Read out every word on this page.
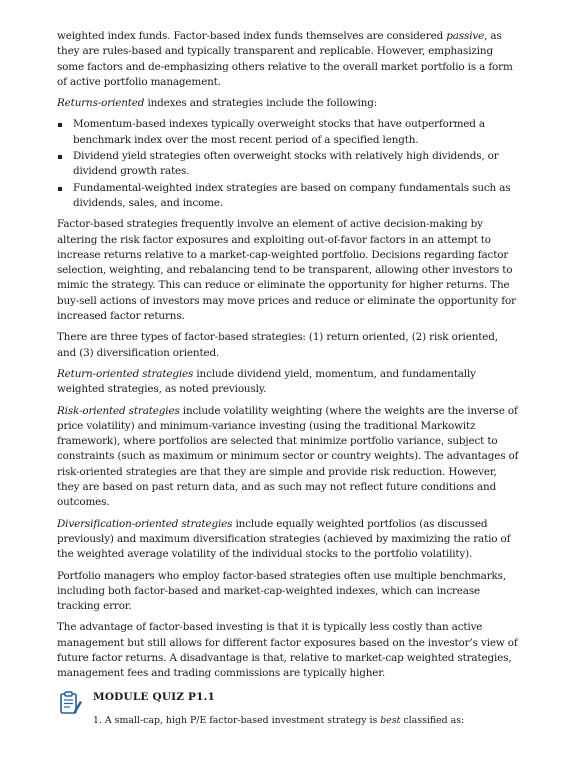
weighted index funds. Factor-based index funds themselves are considered passive, as they are rules-based and typically transparent and replicable. However, emphasizing some factors and de-emphasizing others relative to the overall market portfolio is a form of active portfolio management.

Returns-oriented indexes and strategies include the following:

Momentum-based indexes typically overweight stocks that have outperformed a benchmark index over the most recent period of a specified length.
Dividend yield strategies often overweight stocks with relatively high dividends, or dividend growth rates.
Fundamental-weighted index strategies are based on company fundamentals such as dividends, sales, and income.

Factor-based strategies frequently involve an element of active decision-making by altering the risk factor exposures and exploiting out-of-favor factors in an attempt to increase returns relative to a market-cap-weighted portfolio. Decisions regarding factor selection, weighting, and rebalancing tend to be transparent, allowing other investors to mimic the strategy. This can reduce or eliminate the opportunity for higher returns. The buy-sell actions of investors may move prices and reduce or eliminate the opportunity for increased factor returns.

There are three types of factor-based strategies: (1) return oriented, (2) risk oriented, and (3) diversification oriented.

Return-oriented strategies include dividend yield, momentum, and fundamentally weighted strategies, as noted previously.

Risk-oriented strategies include volatility weighting (where the weights are the inverse of price volatility) and minimum-variance investing (using the traditional Markowitz framework), where portfolios are selected that minimize portfolio variance, subject to constraints (such as maximum or minimum sector or country weights). The advantages of risk-oriented strategies are that they are simple and provide risk reduction. However, they are based on past return data, and as such may not reflect future conditions and outcomes.

Diversification-oriented strategies include equally weighted portfolios (as discussed previously) and maximum diversification strategies (achieved by maximizing the ratio of the weighted average volatility of the individual stocks to the portfolio volatility).

Portfolio managers who employ factor-based strategies often use multiple benchmarks, including both factor-based and market-cap-weighted indexes, which can increase tracking error.

The advantage of factor-based investing is that it is typically less costly than active management but still allows for different factor exposures based on the investor’s view of future factor returns. A disadvantage is that, relative to market-cap weighted strategies, management fees and trading commissions are typically higher.

MODULE QUIZ P1.1
1. A small-cap, high P/E factor-based investment strategy is best classified as:
